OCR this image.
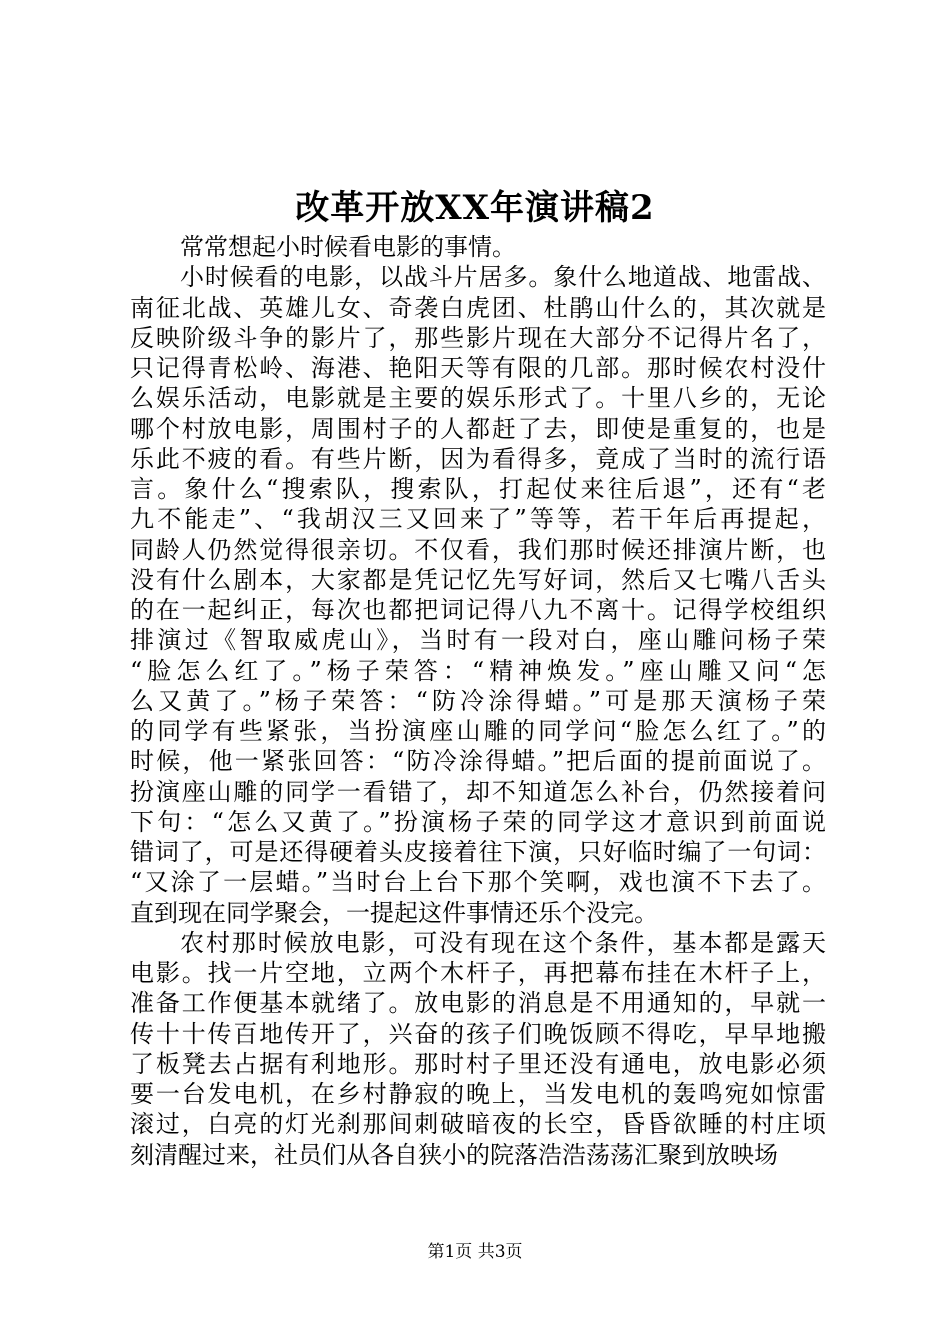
改革开放XX年演讲稿2
常常想起小时候看电影的事情。
小时候看的电影，以战斗片居多。象什么地道战、地雷战、
南征北战、英雄儿女、奇袭白虎团、杜鹃山什么的，其次就是
反映阶级斗争的影片了，那些影片现在大部分不记得片名了，
只记得青松岭、海港、艳阳天等有限的几部。那时候农村没什
么娱乐活动，电影就是主要的娱乐形式了。十里八乡的，无论
哪个村放电影，周围村子的人都赶了去，即使是重复的，也是
乐此不疲的看。有些片断，因为看得多，竟成了当时的流行语
言。象什么“搜索队，搜索队，打起仗来往后退”，还有“老
九不能走”、“我胡汉三又回来了”等等，若干年后再提起，
同龄人仍然觉得很亲切。不仅看，我们那时候还排演片断，也
没有什么剧本，大家都是凭记忆先写好词，然后又七嘴八舌头
的在一起纠正，每次也都把词记得八九不离十。记得学校组织
排演过《智取威虎山》，当时有一段对白，座山雕问杨子荣
“脸怎么红了。”杨子荣答：“精神焕发。”座山雕又问“怎
么又黄了。”杨子荣答：“防冷涂得蜡。”可是那天演杨子荣
的同学有些紧张，当扮演座山雕的同学问“脸怎么红了。”的
时候，他一紧张回答：“防冷涂得蜡。”把后面的提前面说了。
扮演座山雕的同学一看错了，却不知道怎么补台，仍然接着问
下句：“怎么又黄了。”扮演杨子荣的同学这才意识到前面说
错词了，可是还得硬着头皮接着往下演，只好临时编了一句词：
“又涂了一层蜡。”当时台上台下那个笑啊，戏也演不下去了。
直到现在同学聚会，一提起这件事情还乐个没完。
农村那时候放电影，可没有现在这个条件，基本都是露天
电影。找一片空地，立两个木杆子，再把幕布挂在木杆子上，
准备工作便基本就绪了。放电影的消息是不用通知的，早就一
传十十传百地传开了，兴奋的孩子们晚饭顾不得吃，早早地搬
了板凳去占据有利地形。那时村子里还没有通电，放电影必须
要一台发电机，在乡村静寂的晚上，当发电机的轰鸣宛如惊雷
滚过，白亮的灯光刹那间刺破暗夜的长空，昏昏欲睡的村庄顷
刻清醒过来，社员们从各自狭小的院落浩浩荡荡汇聚到放映场
第1页 共3页
